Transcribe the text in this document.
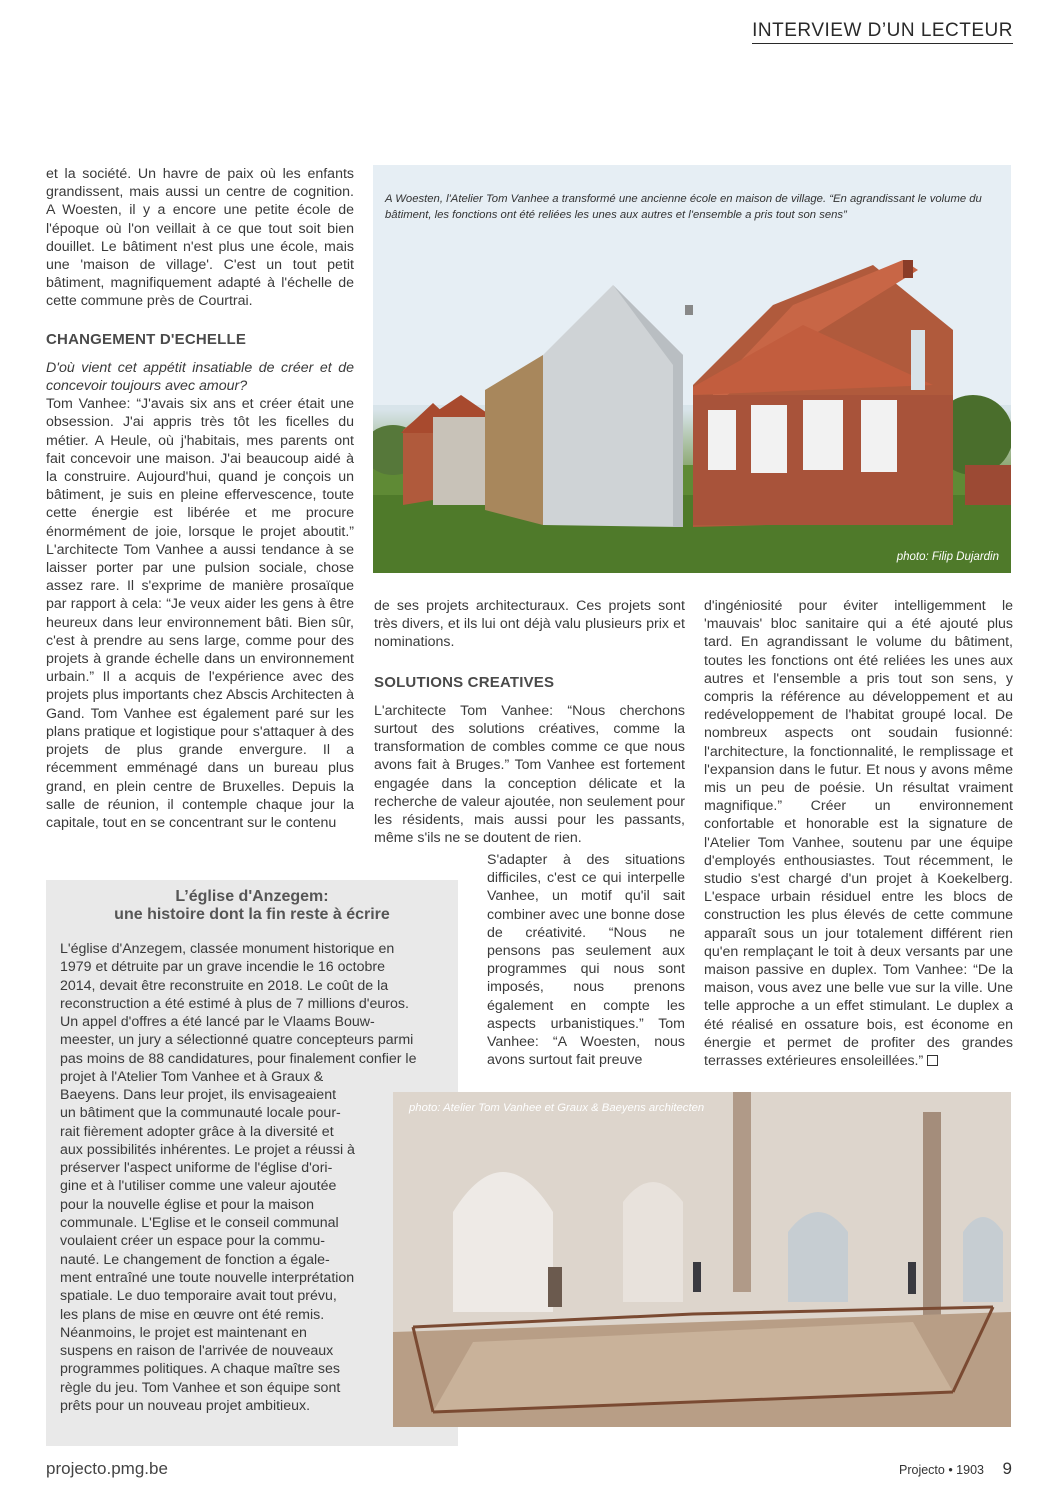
INTERVIEW D’UN LECTEUR

et la société. Un havre de paix où les enfants grandissent, mais aussi un centre de cognition. A Woesten, il y a encore une petite école de l'époque où l'on veillait à ce que tout soit bien douillet. Le bâtiment n'est plus une école, mais une 'maison de village'. C'est un tout petit bâtiment, magnifiquement adapté à l'échelle de cette commune près de Courtrai.

CHANGEMENT D'ECHELLE

D'où vient cet appétit insatiable de créer et de concevoir toujours avec amour?

Tom Vanhee: “J'avais six ans et créer était une obsession. J'ai appris très tôt les ficelles du métier. A Heule, où j'habitais, mes parents ont fait concevoir une maison. J'ai beaucoup aidé à la construire. Aujourd'hui, quand je conçois un bâtiment, je suis en pleine effervescence, toute cette énergie est libérée et me procure énormément de joie, lorsque le projet aboutit.” L'architecte Tom Vanhee a aussi tendance à se laisser porter par une pulsion sociale, chose assez rare. Il s'exprime de manière prosaïque par rapport à cela: “Je veux aider les gens à être heureux dans leur environnement bâti. Bien sûr, c'est à prendre au sens large, comme pour des projets à grande échelle dans un environnement urbain.” Il a acquis de l'expérience avec des projets plus importants chez Abscis Architecten à Gand. Tom Vanhee est également paré sur les plans pratique et logistique pour s'attaquer à des projets de plus grande envergure. Il a récemment emménagé dans un bureau plus grand, en plein centre de Bruxelles. Depuis la salle de réunion, il contemple chaque jour la capitale, tout en se concentrant sur le contenu

A Woesten, l'Atelier Tom Vanhee a transformé une ancienne école en maison de village. “En agrandissant le volume du bâtiment, les fonctions ont été reliées les unes aux autres et l'ensemble a pris tout son sens”
photo: Filip Dujardin

de ses projets architecturaux. Ces projets sont très divers, et ils lui ont déjà valu plusieurs prix et nominations.

SOLUTIONS CREATIVES

L'architecte Tom Vanhee: “Nous cherchons surtout des solutions créatives, comme la transformation de combles comme ce que nous avons fait à Bruges.” Tom Vanhee est fortement engagée dans la conception délicate et la recherche de valeur ajoutée, non seulement pour les résidents, mais aussi pour les passants, même s'ils ne se doutent de rien.

S'adapter à des situations difficiles, c'est ce qui interpelle Vanhee, un motif qu'il sait combiner avec une bonne dose de créativité. “Nous ne pensons pas seulement aux programmes qui nous sont imposés, nous prenons également en compte les aspects urbanistiques.” Tom Vanhee: “A Woesten, nous avons surtout fait preuve

d'ingéniosité pour éviter intelligemment le 'mauvais' bloc sanitaire qui a été ajouté plus tard. En agrandissant le volume du bâtiment, toutes les fonctions ont été reliées les unes aux autres et l'ensemble a pris tout son sens, y compris la référence au développement et au redéveloppement de l'habitat groupé local. De nombreux aspects ont soudain fusionné: l'architecture, la fonctionnalité, le remplissage et l'expansion dans le futur. Et nous y avons même mis un peu de poésie. Un résultat vraiment magnifique.” Créer un environnement confortable et honorable est la signature de l'Atelier Tom Vanhee, soutenu par une équipe d'employés enthousiastes. Tout récemment, le studio s'est chargé d'un projet à Koekelberg. L'espace urbain résiduel entre les blocs de construction les plus élevés de cette commune apparaît sous un jour totalement différent rien qu'en remplaçant le toit à deux versants par une maison passive en duplex. Tom Vanhee: “De la maison, vous avez une belle vue sur la ville. Une telle approche a un effet stimulant. Le duplex a été réalisé en ossature bois, est économe en énergie et permet de profiter des grandes terrasses extérieures ensoleillées.”

L’église d'Anzegem:
une histoire dont la fin reste à écrire
L'église d'Anzegem, classée monument historique en
1979 et détruite par un grave incendie le 16 octobre
2014, devait être reconstruite en 2018. Le coût de la
reconstruction a été estimé à plus de 7 millions d'euros.
Un appel d'offres a été lancé par le Vlaams Bouw-
meester, un jury a sélectionné quatre concepteurs parmi
pas moins de 88 candidatures, pour finalement confier le
projet à l'Atelier Tom Vanhee et à Graux &
Baeyens. Dans leur projet, ils envisageaient
un bâtiment que la communauté locale pour-
rait fièrement adopter grâce à la diversité et
aux possibilités inhérentes. Le projet a réussi à
préserver l'aspect uniforme de l'église d'ori-
gine et à l'utiliser comme une valeur ajoutée
pour la nouvelle église et pour la maison
communale. L'Eglise et le conseil communal
voulaient créer un espace pour la commu-
nauté. Le changement de fonction a égale-
ment entraîné une toute nouvelle interprétation
spatiale. Le duo temporaire avait tout prévu,
les plans de mise en œuvre ont été remis.
Néanmoins, le projet est maintenant en
suspens en raison de l'arrivée de nouveaux
programmes politiques. A chaque maître ses
règle du jeu. Tom Vanhee et son équipe sont
prêts pour un nouveau projet ambitieux.
photo: Atelier Tom Vanhee et Graux & Baeyens architecten
projecto.pmg.be	Projecto • 1903 9
